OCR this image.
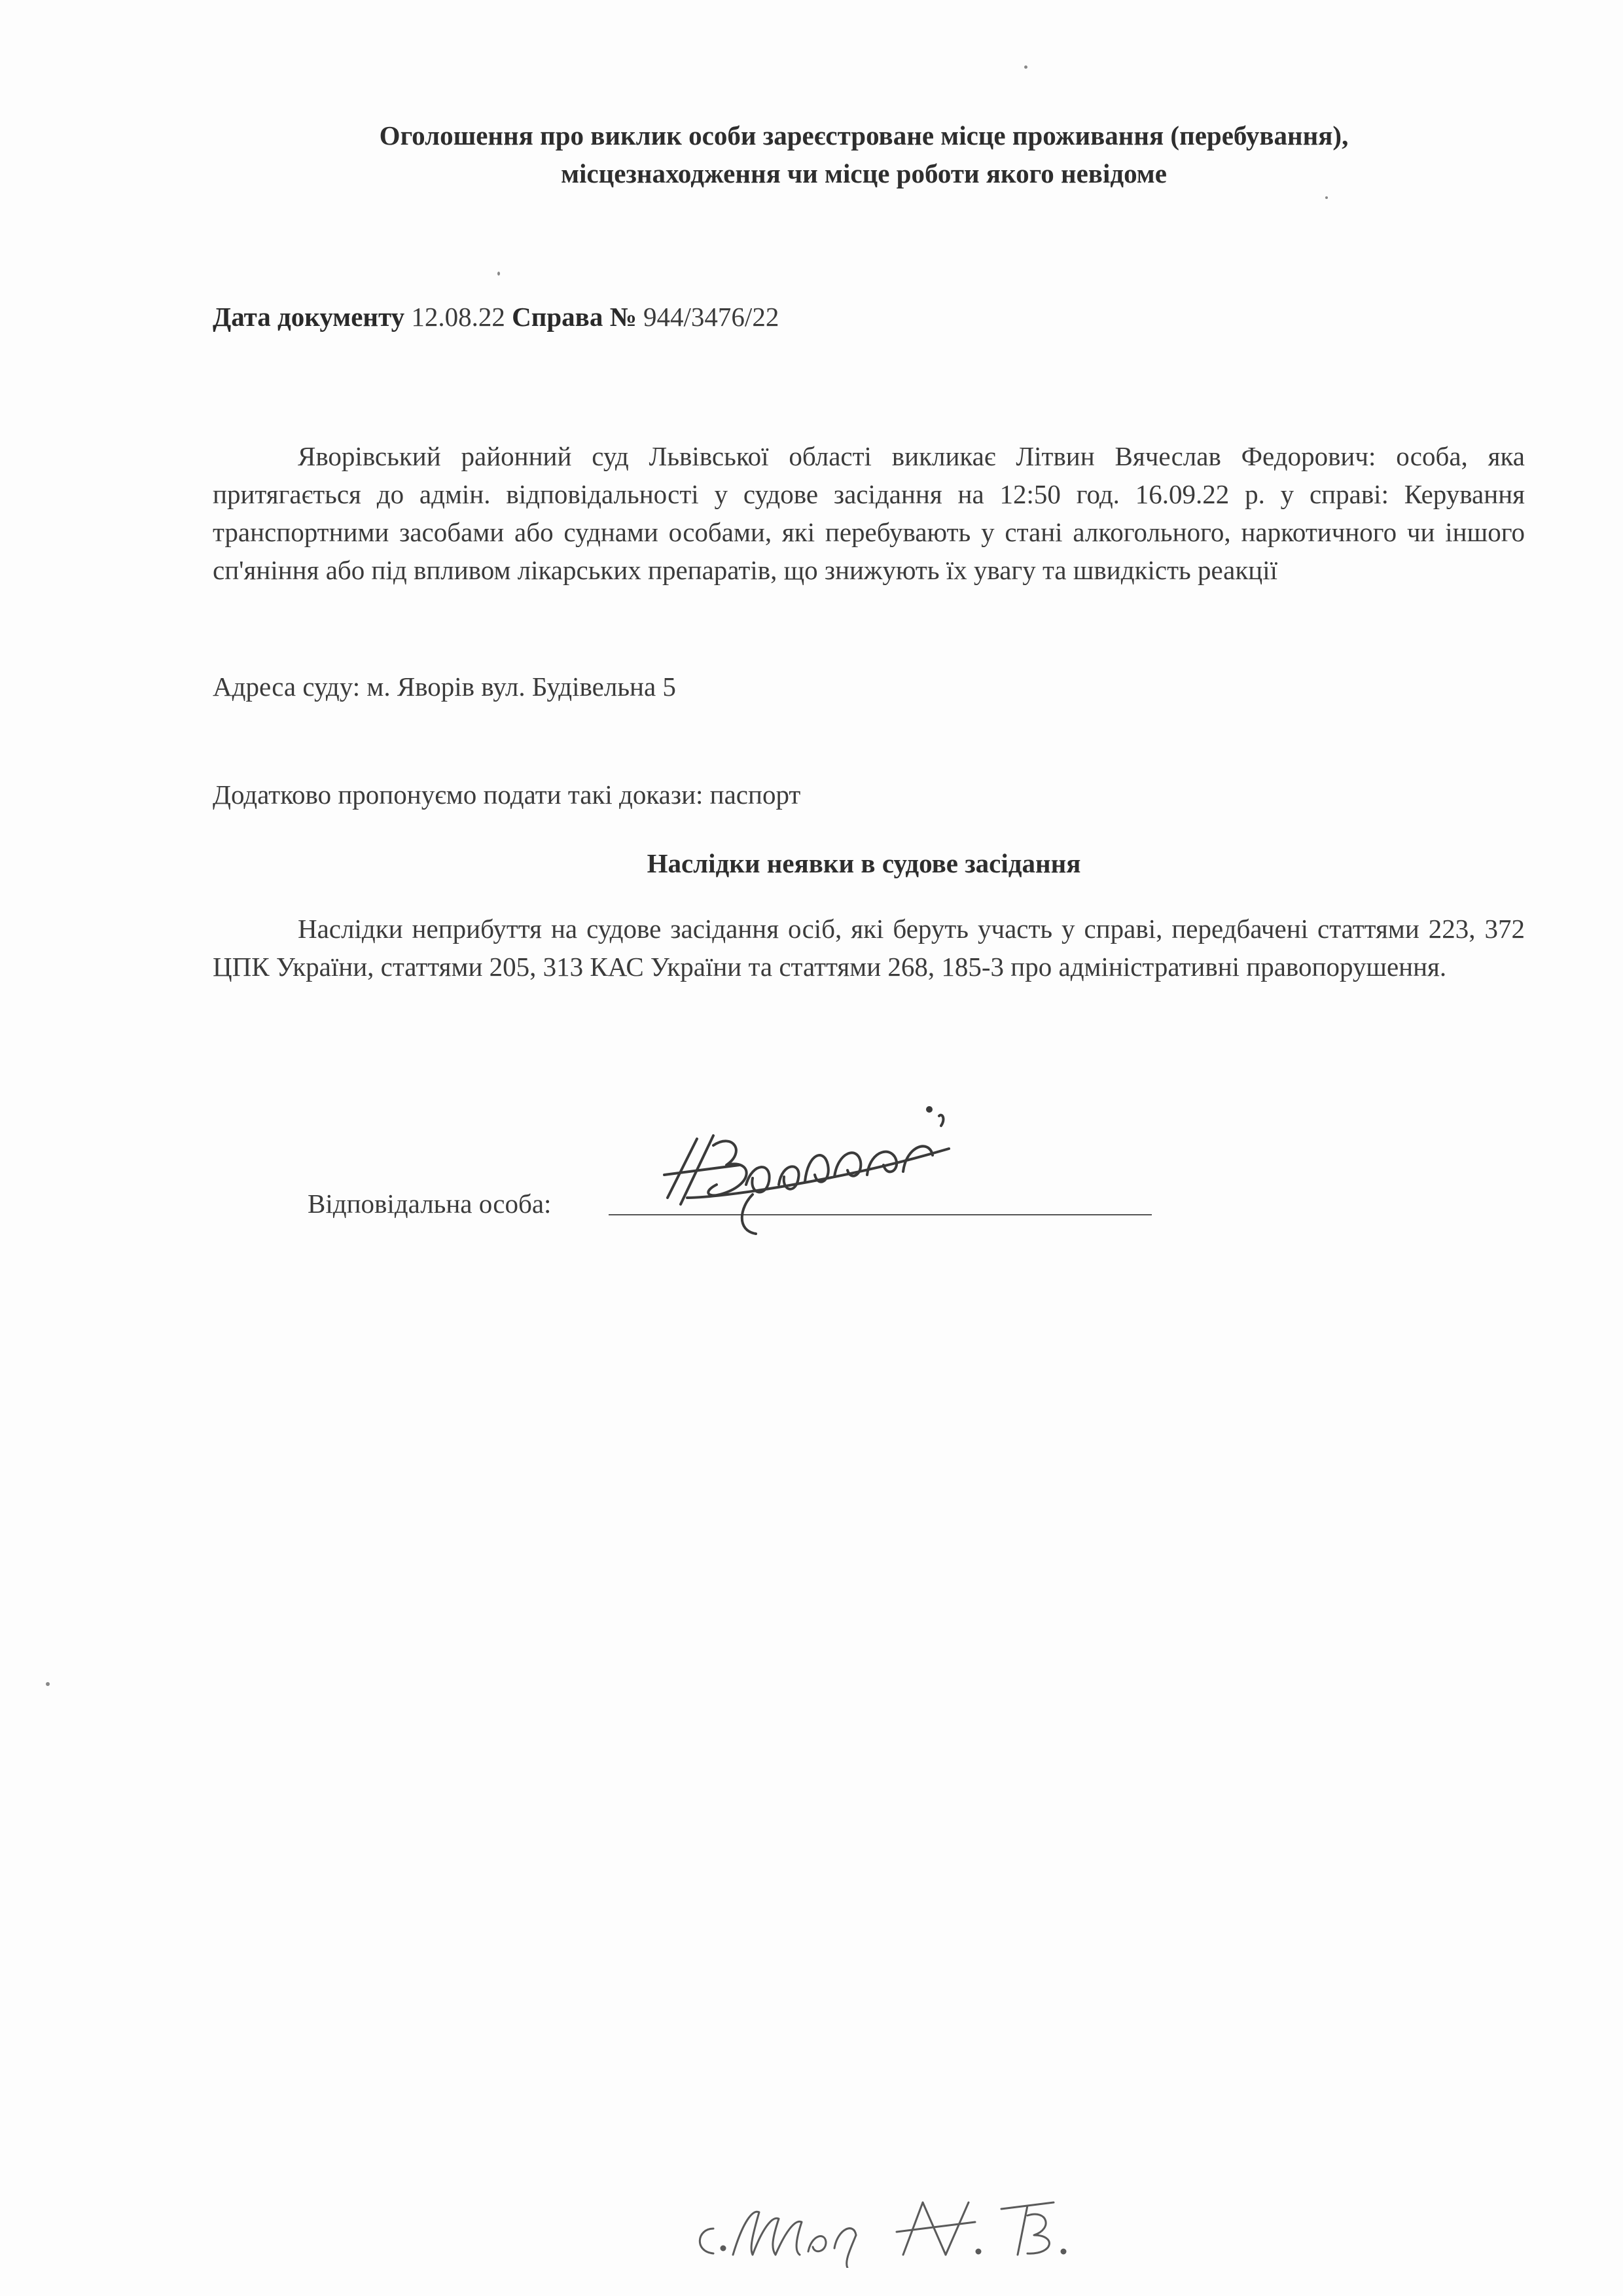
Оголошення про виклик особи зареєстроване місце проживання (перебування),
місцезнаходження чи місце роботи якого невідоме
Дата документу 12.08.22 Справа № 944/3476/22
Яворівський районний суд Львівської області викликає Літвин Вячеслав Федорович: особа, яка притягається до адмін. відповідальності у судове засідання на 12:50 год. 16.09.22 р. у справі: Керування транспортними засобами або суднами особами, які перебувають у стані алкогольного, наркотичного чи іншого сп'яніння або під впливом лікарських препаратів, що знижують їх увагу та швидкість реакції
Адреса суду: м. Яворів вул. Будівельна 5
Додатково пропонуємо подати такі докази: паспорт
Наслідки неявки в судове засідання
Наслідки неприбуття на судове засідання осіб, які беруть участь у справі, передбачені статтями 223, 372 ЦПК України, статтями 205, 313 КАС України та статтями 268, 185-3 про адміністративні правопорушення.
Відповідальна особа:
